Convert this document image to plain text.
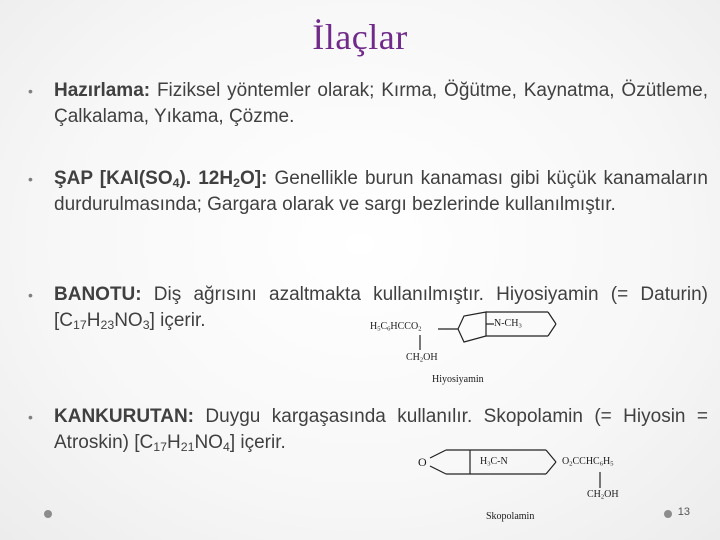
İlaçlar
• Hazırlama: Fiziksel yöntemler olarak; Kırma, Öğütme, Kaynatma, Özütleme, Çalkalama, Yıkama, Çözme.
• ŞAP [$KAl(SO_4)$. $12H_2O$]: Genellikle burun kanaması gibi küçük kanamaların durdurulmasında; Gargara olarak ve sargı bezlerinde kullanılmıştır.
• BANOTU: Diş ağrısını azaltmakta kullanılmıştır. Hiyosiyamin (= Daturin) $[C_{17}H_{23}NO_3]$ içerir.
• KANKURUTAN: Duygu kargaşasında kullanılır. Skopolamin (= Hiyosin = Atroskin) $[C_{17}H_{21}NO_4]$ içerir.
$H_5C_6HCCO_2$
$N-CH_3$
$CH_2OH$
Hiyosiyamin
O	$H_3C-N$	$O_2CCHC_6H_5$
$CH_2OH$
Skopolamin	13
